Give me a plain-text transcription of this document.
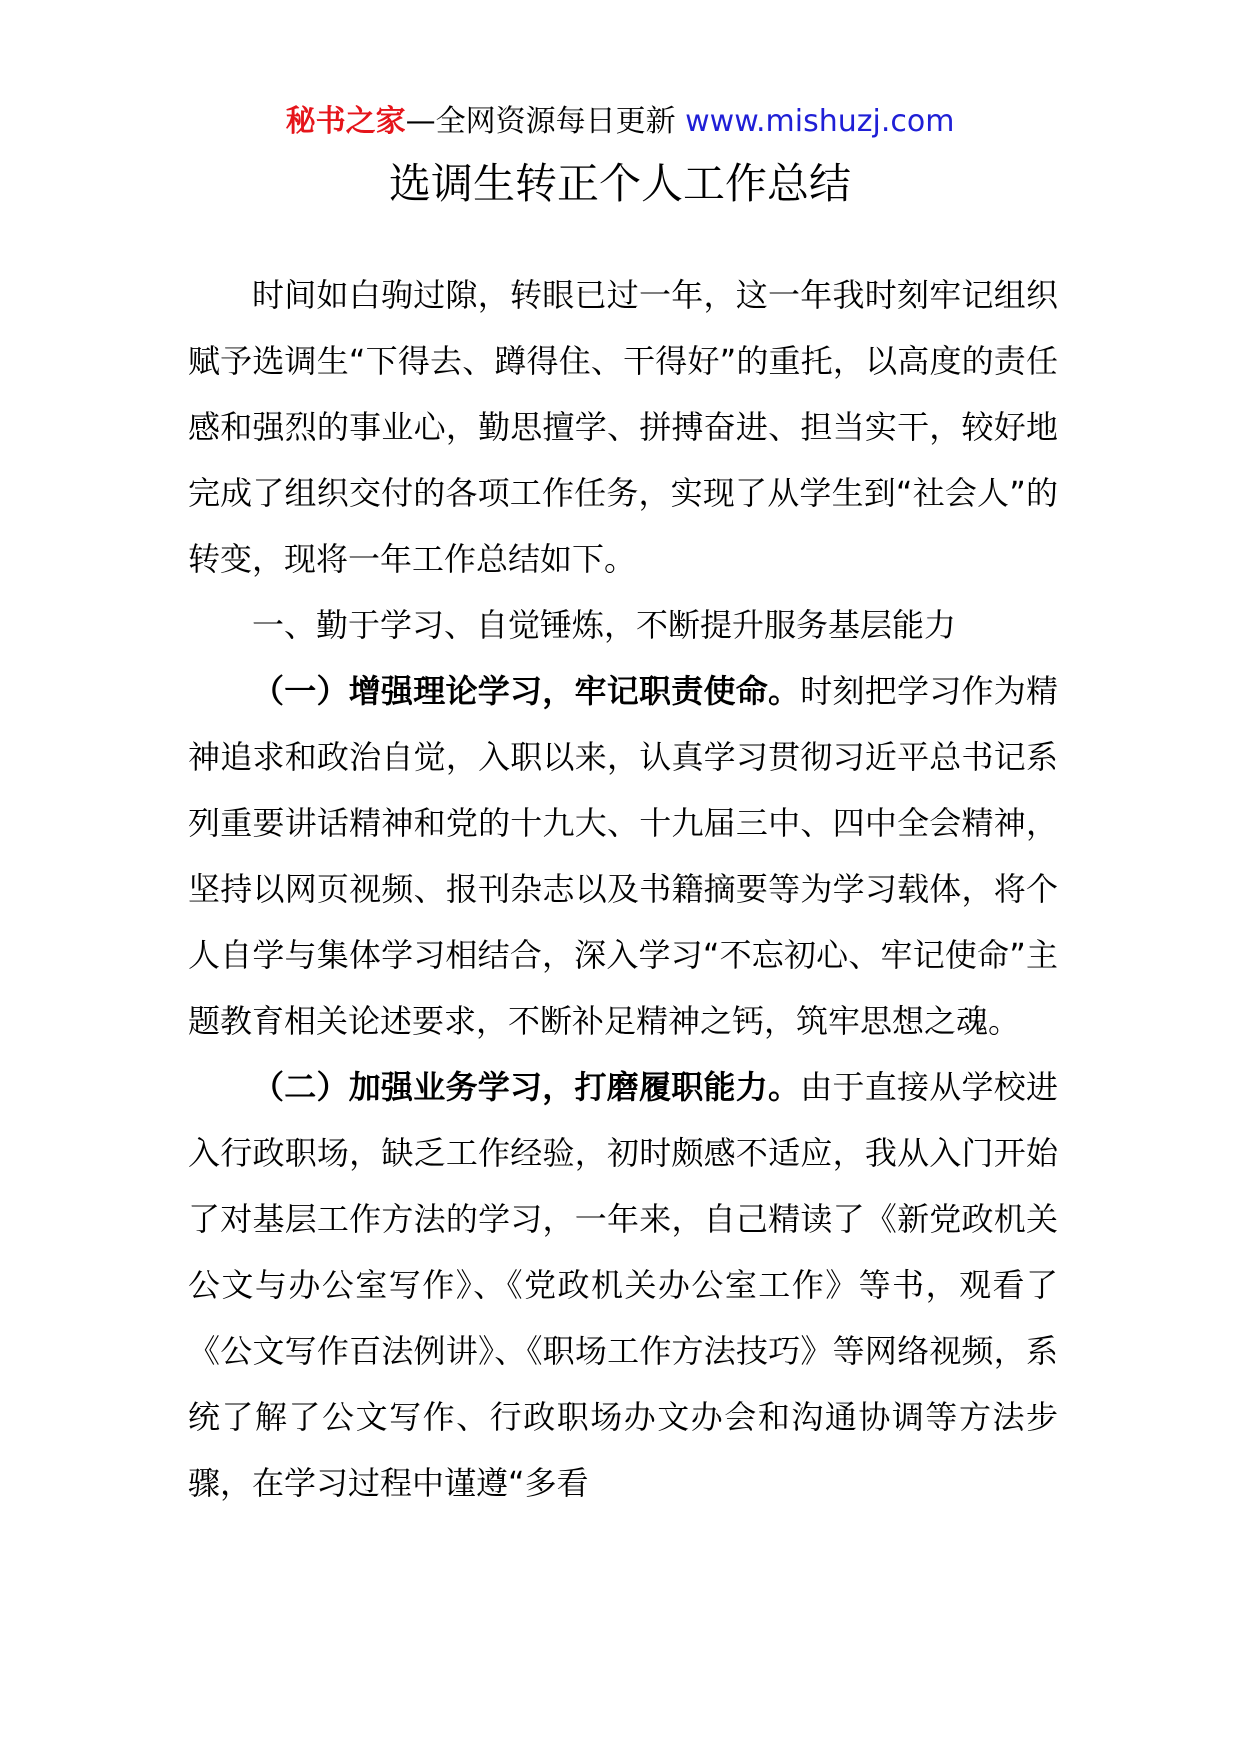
秘书之家—全网资源每日更新 www.mishuzj.com
选调生转正个人工作总结

时间如白驹过隙，转眼已过一年，这一年我时刻牢记组织赋予选调生“下得去、蹲得住、干得好”的重托，以高度的责任感和强烈的事业心，勤思擅学、拼搏奋进、担当实干，较好地完成了组织交付的各项工作任务，实现了从学生到“社会人”的转变，现将一年工作总结如下。

一、勤于学习、自觉锤炼，不断提升服务基层能力

（一）增强理论学习，牢记职责使命。时刻把学习作为精神追求和政治自觉，入职以来，认真学习贯彻习近平总书记系列重要讲话精神和党的十九大、十九届三中、四中全会精神，坚持以网页视频、报刊杂志以及书籍摘要等为学习载体，将个人自学与集体学习相结合，深入学习“不忘初心、牢记使命”主题教育相关论述要求，不断补足精神之钙，筑牢思想之魂。

（二）加强业务学习，打磨履职能力。由于直接从学校进入行政职场，缺乏工作经验，初时颇感不适应，我从入门开始了对基层工作方法的学习，一年来，自己精读了《新党政机关公文与办公室写作》、《党政机关办公室工作》等书，观看了《公文写作百法例讲》、《职场工作方法技巧》等网络视频，系统了解了公文写作、行政职场办文办会和沟通协调等方法步骤，在学习过程中谨遵“多看
